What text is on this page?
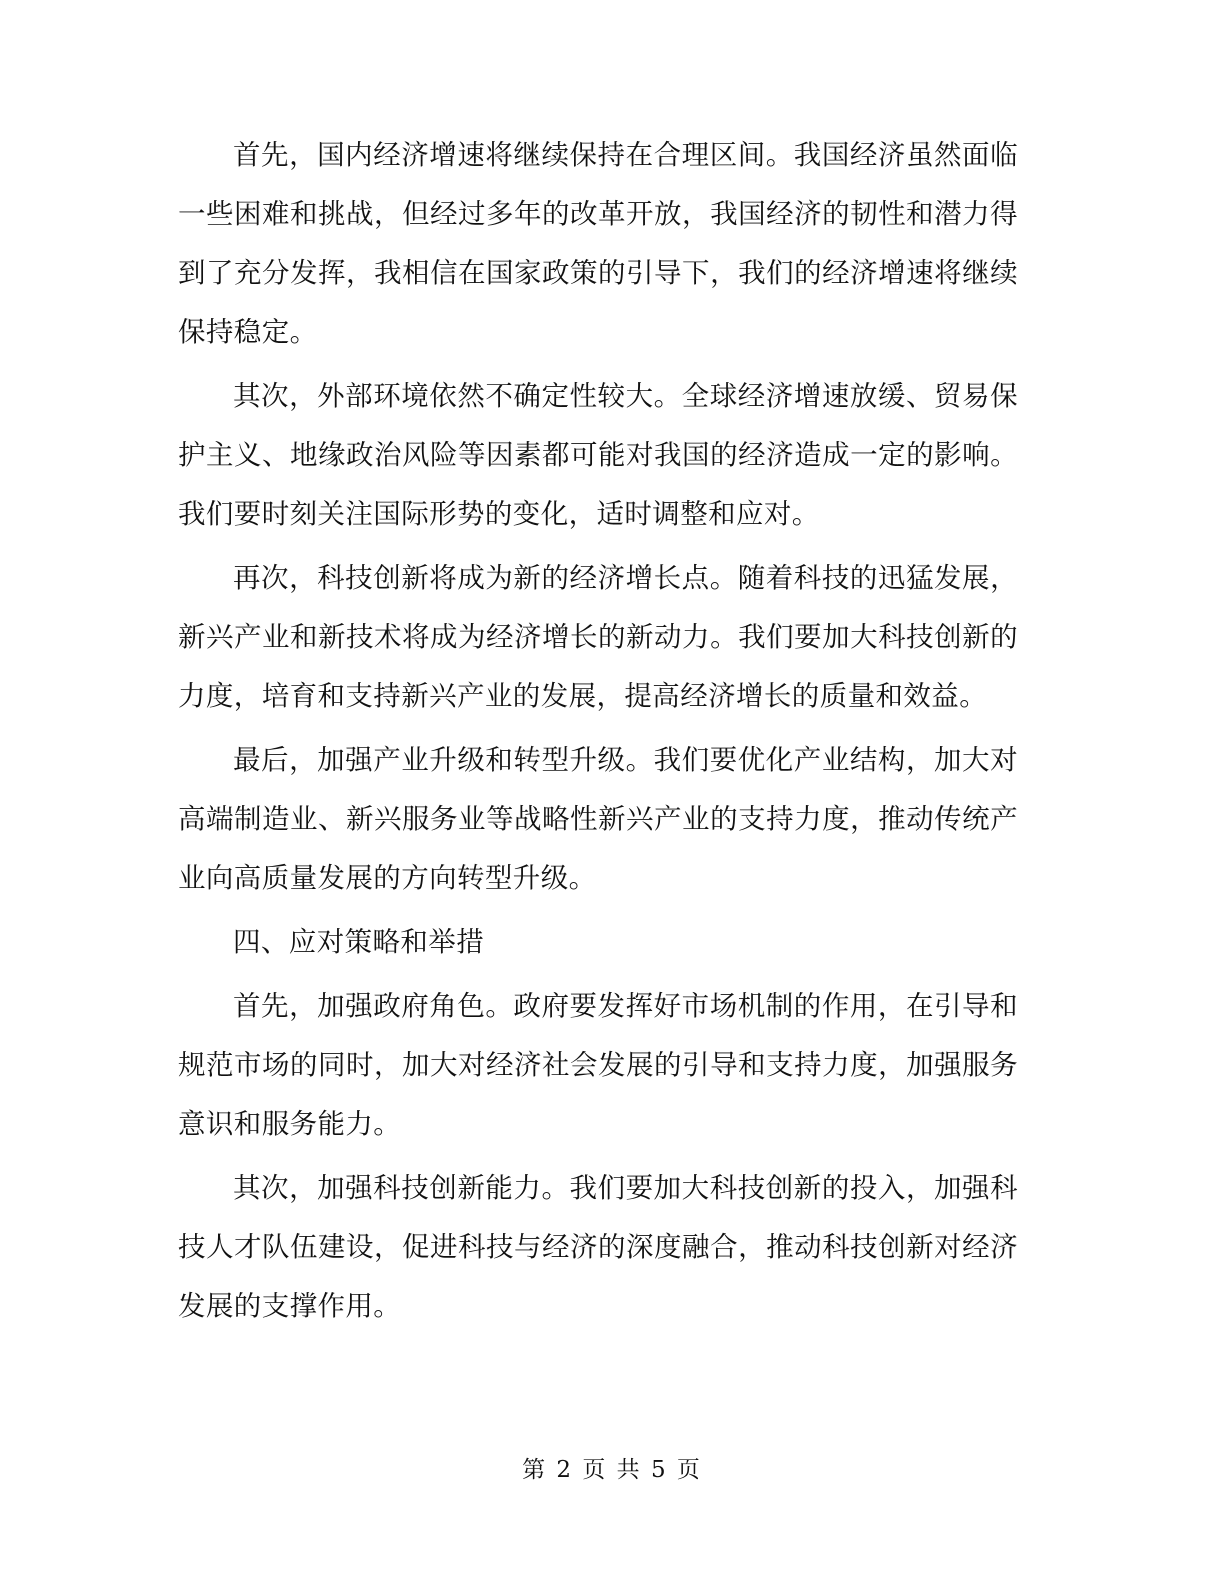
首先，国内经济增速将继续保持在合理区间。我国经济虽然面临一些困难和挑战，但经过多年的改革开放，我国经济的韧性和潜力得到了充分发挥，我相信在国家政策的引导下，我们的经济增速将继续保持稳定。

其次，外部环境依然不确定性较大。全球经济增速放缓、贸易保护主义、地缘政治风险等因素都可能对我国的经济造成一定的影响。我们要时刻关注国际形势的变化，适时调整和应对。

再次，科技创新将成为新的经济增长点。随着科技的迅猛发展，新兴产业和新技术将成为经济增长的新动力。我们要加大科技创新的力度，培育和支持新兴产业的发展，提高经济增长的质量和效益。

最后，加强产业升级和转型升级。我们要优化产业结构，加大对高端制造业、新兴服务业等战略性新兴产业的支持力度，推动传统产业向高质量发展的方向转型升级。

四、应对策略和举措

首先，加强政府角色。政府要发挥好市场机制的作用，在引导和规范市场的同时，加大对经济社会发展的引导和支持力度，加强服务意识和服务能力。

其次，加强科技创新能力。我们要加大科技创新的投入，加强科技人才队伍建设，促进科技与经济的深度融合，推动科技创新对经济发展的支撑作用。

第 2 页 共 5 页
